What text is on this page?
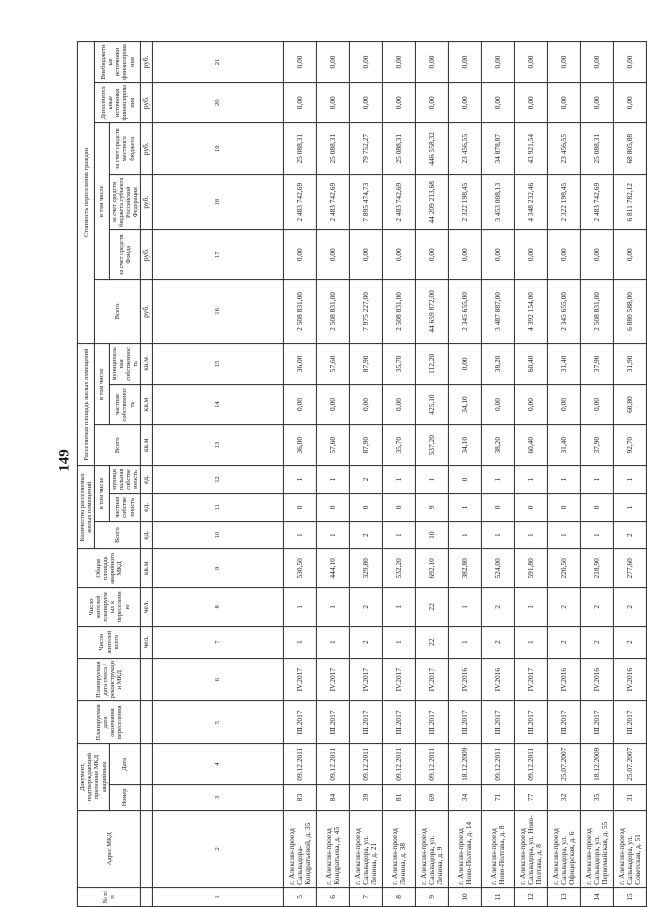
149
№ п/п	Адрес МКД	Документ, подтверждающий признание МКД аварийным		Планируемая дата окончания переселения	Планируемая дата сноса / реконструкции МКД	Число жителей всего	Число жителей планируемых к переселению	Общая площадь аварийного МКД	Количество расселяемых жилых помещений			Расселяемая площадь жилых помещений			Стоимость переселения граждан					
									Всего	в том числе		Всего	в том числе		Всего	в том числе			Дополнительные источники финансирования	Внебюджетные источники финансирования
		Номер	Дата							частная собственность	муниципальная собственность		частная собственность	муниципальная собственность		за счет средств Фонда	за счет средств бюджета субъекта Российской Федерации	за счет средств местного бюджета		
						чел.	чел.	кв.м	ед.	ед.	ед.	кв.м	кв.м	кв.м	руб.	руб.	руб.	руб.	руб.	руб.
1	2	3	4	5	6	7	8	9	10	11	12	13	14	15	16	17	18	19	20	21
5	г. Алексин-проезд Сальвадора-Кондратьевой, д. 35	83	09.12.2011	III.2017	IV.2017	1	1	530,50	1	0	1	36,00	0,00	36,00	2 508 831,00	0,00	2 483 742,69	25 088,31	0,00	0,00
6	г. Алексин-проезд Кондратьева, д. 45	84	09.12.2011	III.2017	IV.2017	1	1	444,10	1	0	1	57,60	0,00	57,60	2 508 831,00	0,00	2 483 742,69	25 088,31	0,00	0,00
7	г. Алексин-проезд Сальвадора, ул. Ленина, д. 21	39	09.12.2011	III.2017	IV.2017	2	2	329,80	2	0	2	87,90	0,00	87,90	7 975 227,00	0,00	7 895 474,73	79 752,27	0,00	0,00
8	г. Алексин-проезд Ленина, д. 38	81	09.12.2011	III.2017	IV.2017	1	1	532,20	1	0	1	35,70	0,00	35,70	2 508 831,00	0,00	2 483 742,69	25 088,31	0,00	0,00
9	г. Алексин-проезд Сальвадора, ул. Ленина, д. 9	69	09.12.2011	III.2017	IV.2017	22	22	692,10	10	9	1	537,20	425,10	112,20	44 659 872,00	0,00	44 209 213,68	446 558,32	0,00	0,00
10	г. Алексин-проезд Ново-Полтава, д. 14	34	18.12.2009	III.2017	IV.2016	1	1	382,80	1	1	0	34,10	34,10	0,00	2 345 655,00	0,00	2 322 198,45	23 456,55	0,00	0,00
11	г. Алексин-проезд Ново-Полтава, д. 8	71	09.12.2011	III.2017	IV.2016	2	2	524,00	1	0	1	38,20	0,00	38,20	3 487 887,00	0,00	3 453 008,13	34 878,87	0,00	0,00
12	г. Алексин-проезд Сальвадора, ул. Ново-Полтава, д. 8	77	09.12.2011	III.2017	IV.2017	1	1	591,80	1	0	1	60,40	0,00	60,40	4 392 154,00	0,00	4 348 232,46	43 921,54	0,00	0,00
13	г. Алексин-проезд Сальвадора, ул. Офицерская, д. 6	32	25.07.2007	III.2017	IV.2016	2	2	220,50	1	0	1	31,40	0,00	31,40	2 345 655,00	0,00	2 322 198,45	23 456,55	0,00	0,00
14	г. Алексин-проезд Сальвадора, ул. Первомайская, д. 55	35	18.12.2009	III.2017	IV.2016	2	2	218,90	1	0	1	37,90	0,00	37,90	2 508 831,00	0,00	2 483 742,69	25 088,31	0,00	0,00
15	г. Алексин-проезд Сальвадора, ул. Советская, д. 51	31	25.07.2007	III.2017	IV.2016	2	2	277,60	2	1	1	92,70	60,80	31,90	6 880 588,00	0,00	6 811 782,12	68 805,88	0,00	0,00
